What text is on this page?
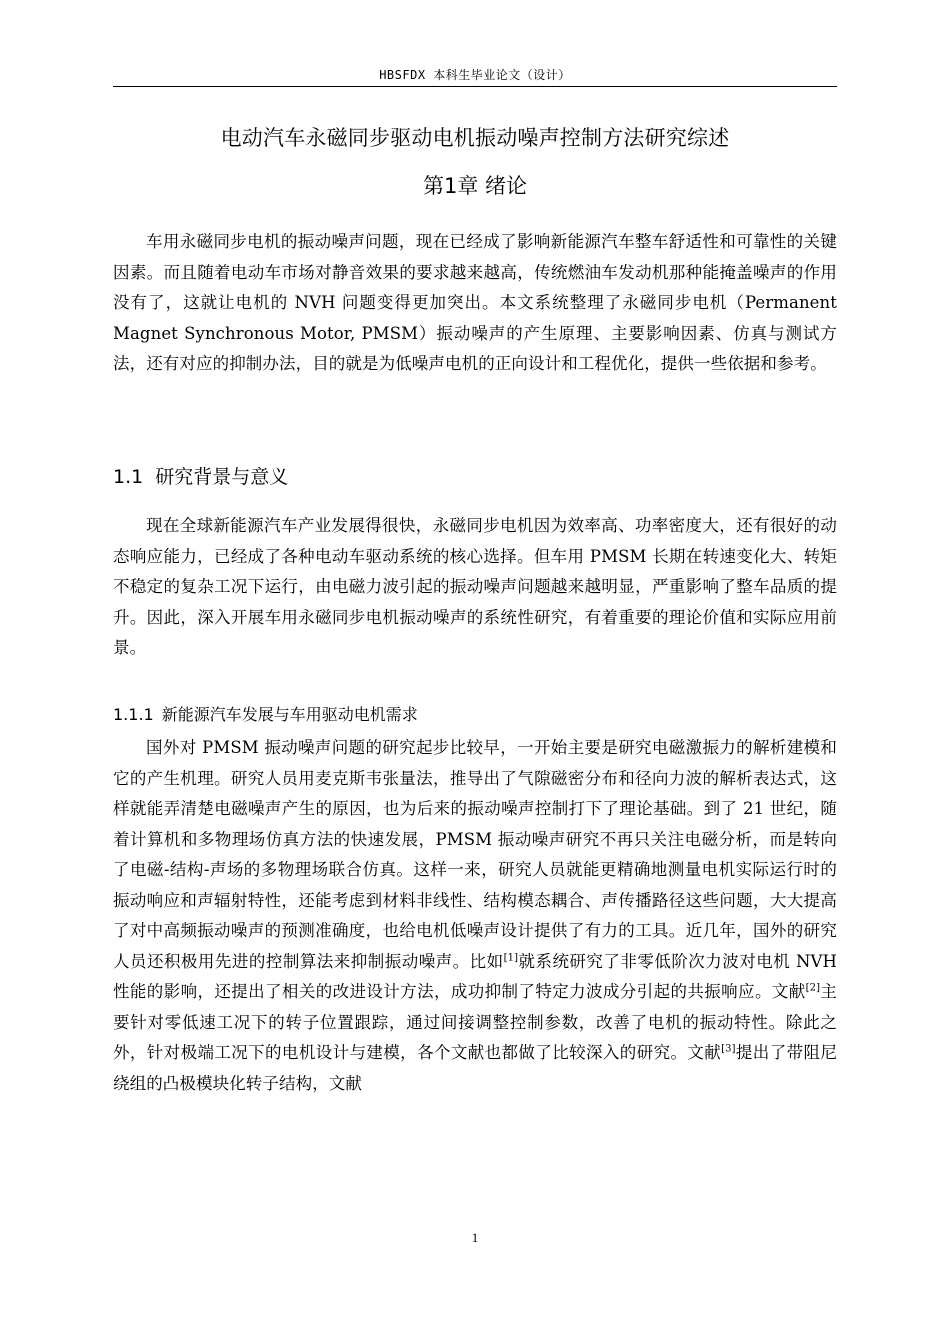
HBSFDX 本科生毕业论文（设计）
电动汽车永磁同步驱动电机振动噪声控制方法研究综述
第1章 绪论

车用永磁同步电机的振动噪声问题，现在已经成了影响新能源汽车整车舒适性和可靠性的关键因素。而且随着电动车市场对静音效果的要求越来越高，传统燃油车发动机那种能掩盖噪声的作用没有了，这就让电机的 NVH 问题变得更加突出。本文系统整理了永磁同步电机（Permanent Magnet Synchronous Motor, PMSM）振动噪声的产生原理、主要影响因素、仿真与测试方法，还有对应的抑制办法，目的就是为低噪声电机的正向设计和工程优化，提供一些依据和参考。

1.1 研究背景与意义

现在全球新能源汽车产业发展得很快，永磁同步电机因为效率高、功率密度大，还有很好的动态响应能力，已经成了各种电动车驱动系统的核心选择。但车用 PMSM 长期在转速变化大、转矩不稳定的复杂工况下运行，由电磁力波引起的振动噪声问题越来越明显，严重影响了整车品质的提升。因此，深入开展车用永磁同步电机振动噪声的系统性研究，有着重要的理论价值和实际应用前景。

1.1.1 新能源汽车发展与车用驱动电机需求

国外对 PMSM 振动噪声问题的研究起步比较早，一开始主要是研究电磁激振力的解析建模和它的产生机理。研究人员用麦克斯韦张量法，推导出了气隙磁密分布和径向力波的解析表达式，这样就能弄清楚电磁噪声产生的原因，也为后来的振动噪声控制打下了理论基础。到了 21 世纪，随着计算机和多物理场仿真方法的快速发展，PMSM 振动噪声研究不再只关注电磁分析，而是转向了电磁-结构-声场的多物理场联合仿真。这样一来，研究人员就能更精确地测量电机实际运行时的振动响应和声辐射特性，还能考虑到材料非线性、结构模态耦合、声传播路径这些问题，大大提高了对中高频振动噪声的预测准确度，也给电机低噪声设计提供了有力的工具。近几年，国外的研究人员还积极用先进的控制算法来抑制振动噪声。比如[1]就系统研究了非零低阶次力波对电机 NVH 性能的影响，还提出了相关的改进设计方法，成功抑制了特定力波成分引起的共振响应。文献[2]主要针对零低速工况下的转子位置跟踪，通过间接调整控制参数，改善了电机的振动特性。除此之外，针对极端工况下的电机设计与建模，各个文献也都做了比较深入的研究。文献[3]提出了带阻尼绕组的凸极模块化转子结构，文献

1
